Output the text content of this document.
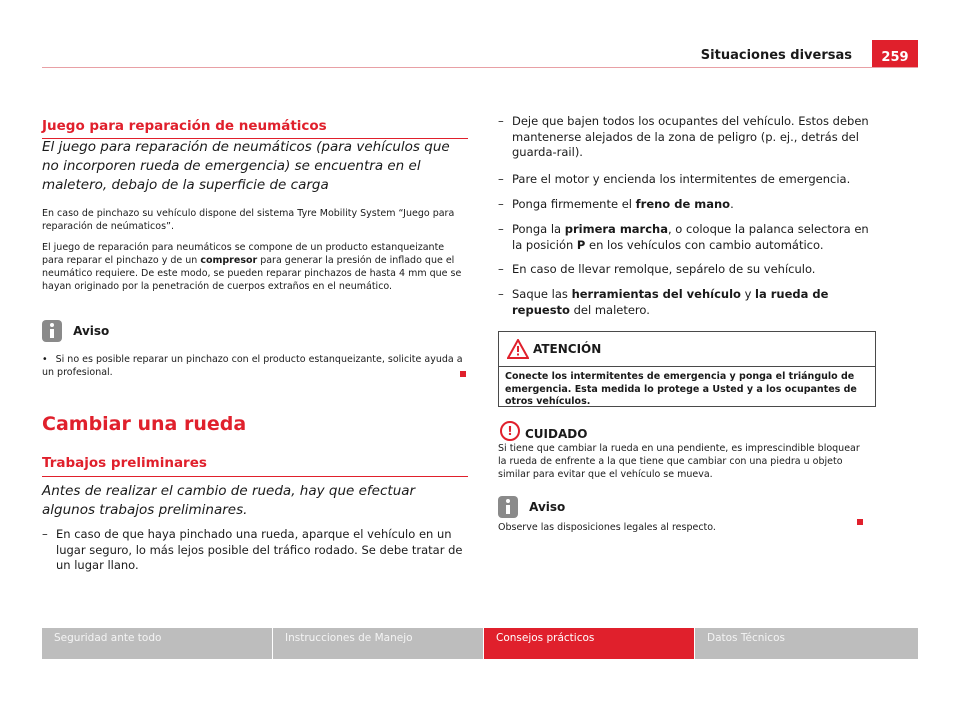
Situaciones diversas	259
Juego para reparación de neumáticos
El juego para reparación de neumáticos (para vehículos que no incorporen rueda de emergencia) se encuentra en el maletero, debajo de la superficie de carga
En caso de pinchazo su vehículo dispone del sistema Tyre Mobility System “Juego para reparación de neúmaticos”.
El juego de reparación para neumáticos se compone de un producto estanqueizante para reparar el pinchazo y de un compresor para generar la presión de inflado que el neumático requiere. De este modo, se pueden reparar pinchazos de hasta 4 mm que se hayan originado por la penetración de cuerpos extraños en el neumático.
Aviso
• Si no es posible reparar un pinchazo con el producto estanqueizante, solicite ayuda a un profesional.
Cambiar una rueda
Trabajos preliminares
Antes de realizar el cambio de rueda, hay que efectuar algunos trabajos preliminares.
– En caso de que haya pinchado una rueda, aparque el vehículo en un lugar seguro, lo más lejos posible del tráfico rodado. Se debe tratar de un lugar llano.
– Deje que bajen todos los ocupantes del vehículo. Estos deben mantenerse alejados de la zona de peligro (p. ej., detrás del guarda-rail).
– Pare el motor y encienda los intermitentes de emergencia.
– Ponga firmemente el freno de mano.
– Ponga la primera marcha, o coloque la palanca selectora en la posición P en los vehículos con cambio automático.
– En caso de llevar remolque, sepárelo de su vehículo.
– Saque las herramientas del vehículo y la rueda de repuesto del maletero.
ATENCIÓN
Conecte los intermitentes de emergencia y ponga el triángulo de emergencia. Esta medida lo protege a Usted y a los ocupantes de otros vehículos.
!	CUIDADO
Si tiene que cambiar la rueda en una pendiente, es imprescindible bloquear la rueda de enfrente a la que tiene que cambiar con una piedra u objeto similar para evitar que el vehículo se mueva.
Aviso
Observe las disposiciones legales al respecto.
Seguridad ante todo	Instrucciones de Manejo	Consejos prácticos	Datos Técnicos
